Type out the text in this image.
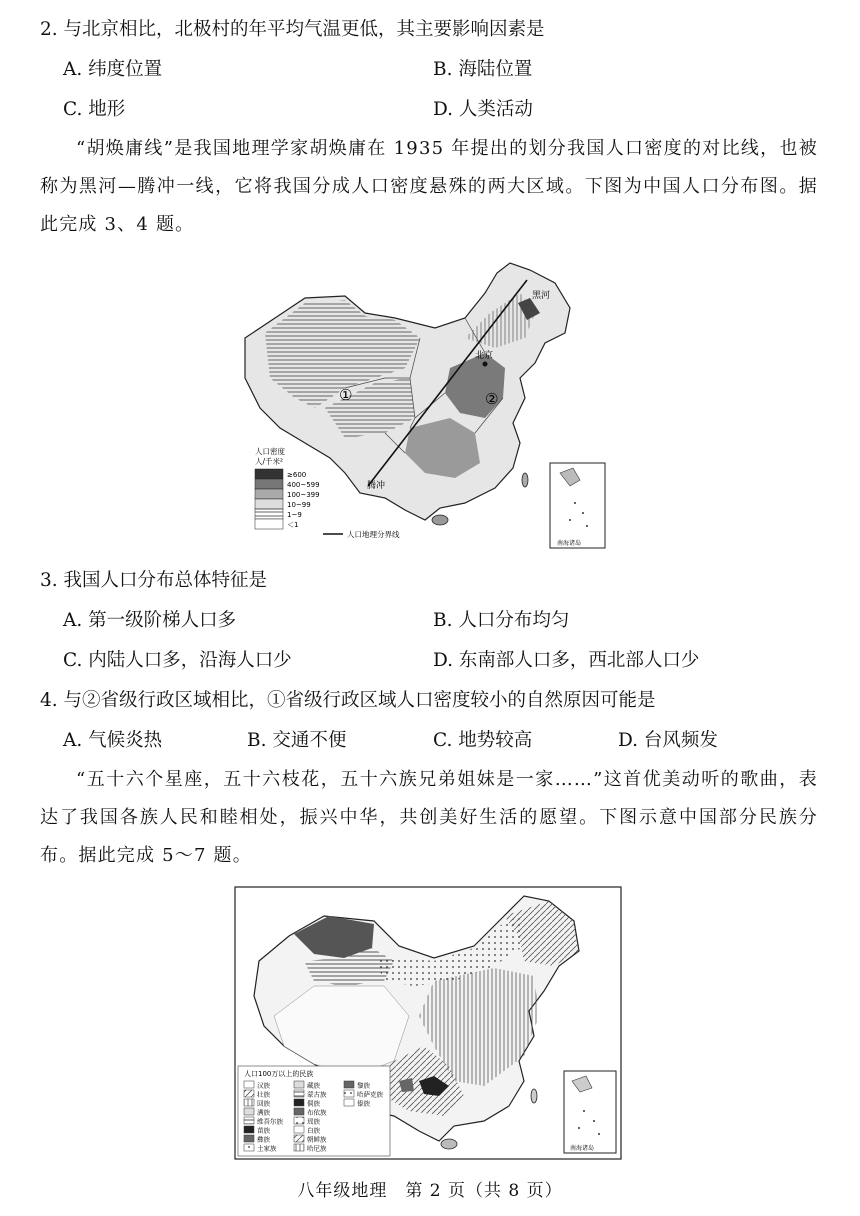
2. 与北京相比，北极村的年平均气温更低，其主要影响因素是
A. 纬度位置	B. 海陆位置
C. 地形	D. 人类活动
“胡焕庸线”是我国地理学家胡焕庸在 1935 年提出的划分我国人口密度的对比线，也被称为黑河—腾冲一线，它将我国分成人口密度悬殊的两大区域。下图为中国人口分布图。据此完成 3、4 题。
黑河
北京
腾冲
①	②
南海诸岛
人口密度
人/千米²
≥600
400~599
100~399
10~99
1~9
＜1
人口地理分界线
3. 我国人口分布总体特征是
A. 第一级阶梯人口多	B. 人口分布均匀
C. 内陆人口多，沿海人口少	D. 东南部人口多，西北部人口少
4. 与②省级行政区域相比，①省级行政区域人口密度较小的自然原因可能是
A. 气候炎热	B. 交通不便	C. 地势较高	D. 台风频发
“五十六个星座，五十六枝花，五十六族兄弟姐妹是一家……”这首优美动听的歌曲，表达了我国各族人民和睦相处，振兴中华，共创美好生活的愿望。下图示意中国部分民族分布。据此完成 5～7 题。
南海诸岛
人口100万以上的民族
汉族
壮族
回族
满族
维吾尔族
苗族
彝族
土家族
藏族
蒙古族
侗族
布依族
瑶族
白族
朝鲜族
哈尼族
黎族
哈萨克族
傣族
八年级地理　第 2 页（共 8 页）
